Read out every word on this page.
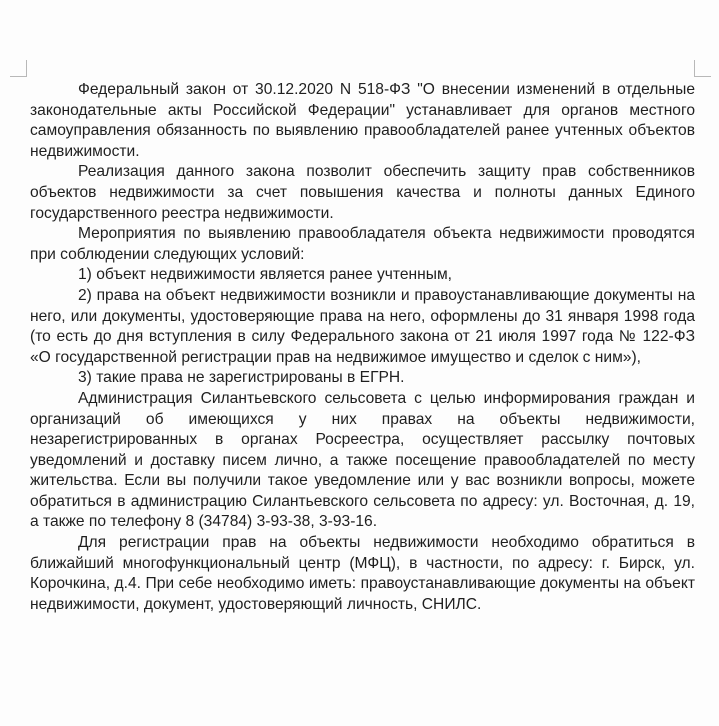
Федеральный закон от 30.12.2020 N 518-ФЗ "О внесении изменений в отдельные законодательные акты Российской Федерации" устанавливает для органов местного самоуправления обязанность по выявлению правообладателей ранее учтенных объектов недвижимости.

Реализация данного закона позволит обеспечить защиту прав собственников объектов недвижимости за счет повышения качества и полноты данных Единого государственного реестра недвижимости.

Мероприятия по выявлению правообладателя объекта недвижимости проводятся при соблюдении следующих условий:

1) объект недвижимости является ранее учтенным,

2) права на объект недвижимости возникли и правоустанавливающие документы на него, или документы, удостоверяющие права на него, оформлены до 31 января 1998 года (то есть до дня вступления в силу Федерального закона от 21 июля 1997 года № 122-ФЗ «О государственной регистрации прав на недвижимое имущество и сделок с ним»),

3) такие права не зарегистрированы в ЕГРН.

Администрация Силантьевского сельсовета с целью информирования граждан и организаций об имеющихся у них правах на объекты недвижимости, незарегистрированных в органах Росреестра, осуществляет рассылку почтовых уведомлений и доставку писем лично, а также посещение правообладателей по месту жительства. Если вы получили такое уведомление или у вас возникли вопросы, можете обратиться в администрацию Силантьевского сельсовета по адресу: ул. Восточная, д. 19, а также по телефону 8 (34784) 3-93-38, 3-93-16.

Для регистрации прав на объекты недвижимости необходимо обратиться в ближайший многофункциональный центр (МФЦ), в частности, по адресу: г. Бирск, ул. Корочкина, д.4. При себе необходимо иметь: правоустанавливающие документы на объект недвижимости, документ, удостоверяющий личность, СНИЛС.
